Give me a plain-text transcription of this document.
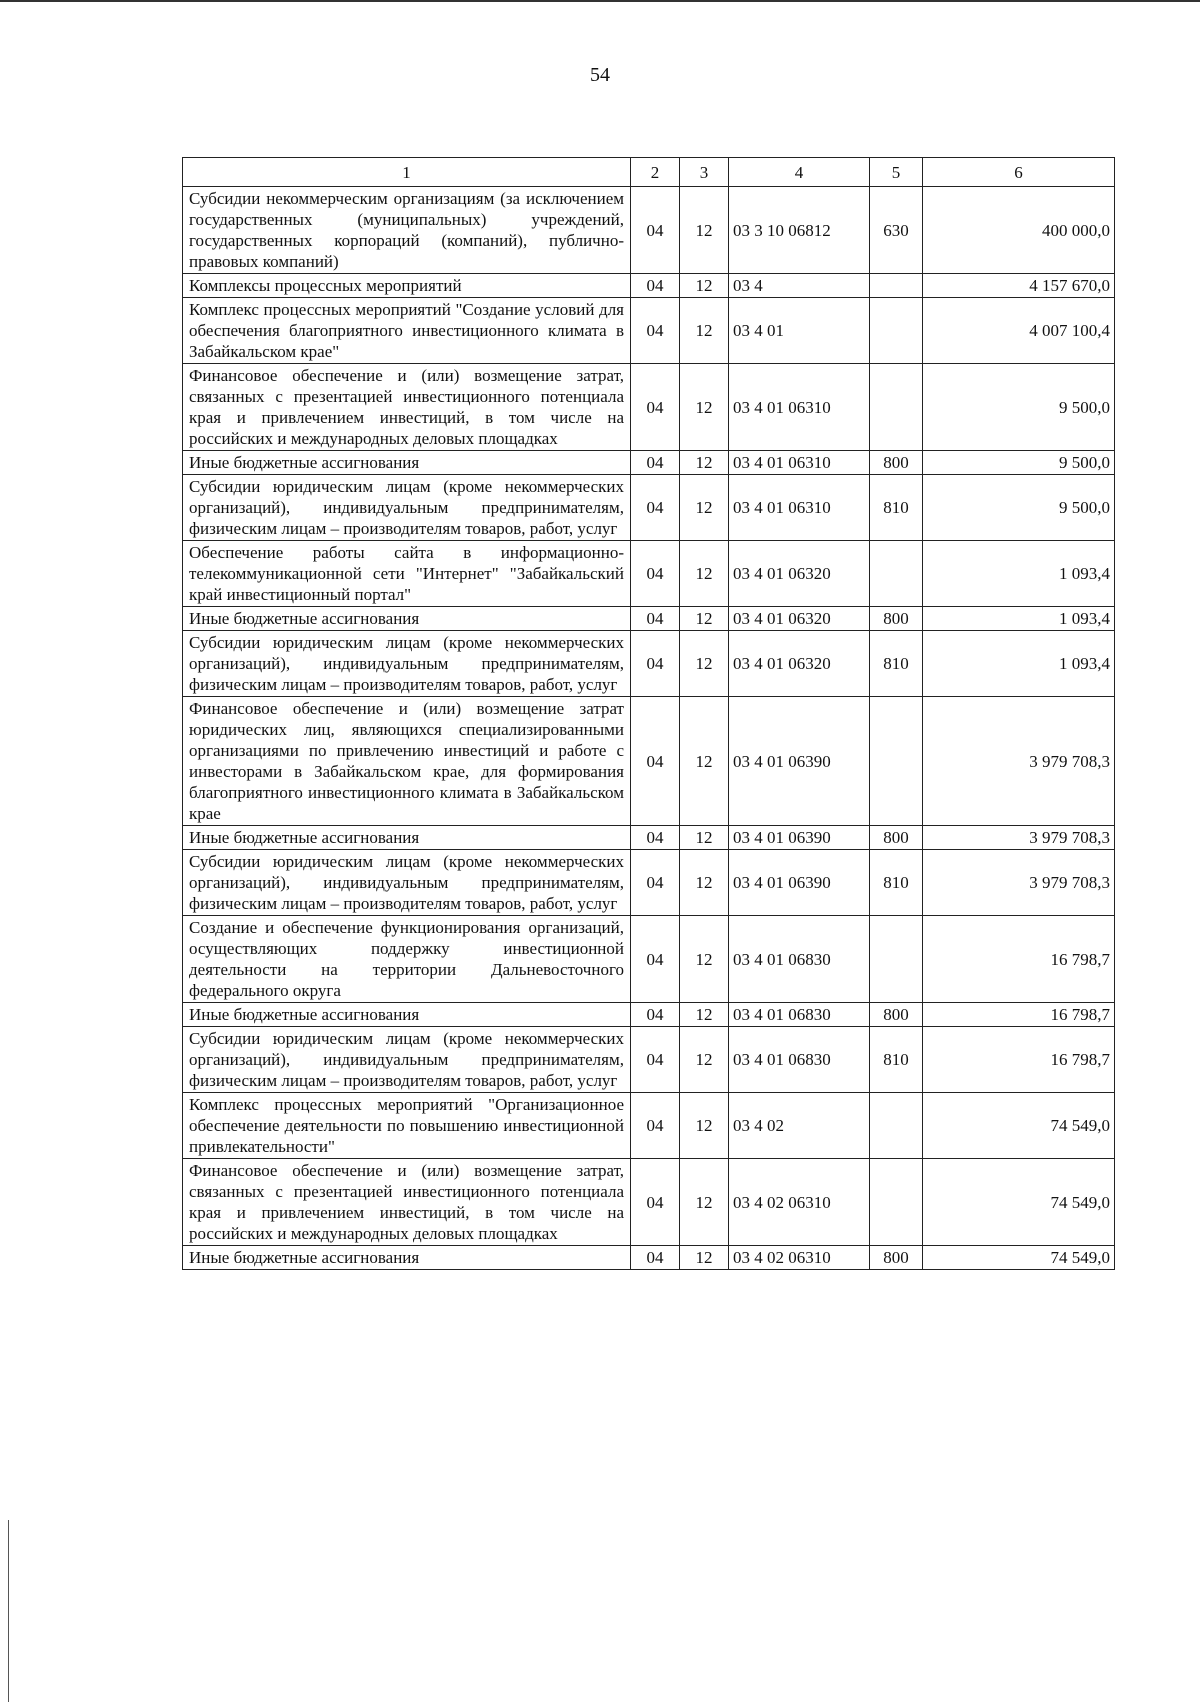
54
1	2	3	4	5	6
Субсидии некоммерческим организациям (за исключением государственных (муниципальных) учреждений, государственных корпораций (компаний), публично-правовых компаний)	04	12	03 3 10 06812	630	400 000,0
Комплексы процессных мероприятий	04	12	03 4		4 157 670,0
Комплекс процессных мероприятий "Создание условий для обеспечения благоприятного инвестиционного климата в Забайкальском крае"	04	12	03 4 01		4 007 100,4
Финансовое обеспечение и (или) возмещение затрат, связанных с презентацией инвестиционного потенциала края и привлечением инвестиций, в том числе на российских и международных деловых площадках	04	12	03 4 01 06310		9 500,0
Иные бюджетные ассигнования	04	12	03 4 01 06310	800	9 500,0
Субсидии юридическим лицам (кроме некоммерческих организаций), индивидуальным предпринимателям, физическим лицам – производителям товаров, работ, услуг	04	12	03 4 01 06310	810	9 500,0
Обеспечение работы сайта в информационно-телекоммуникационной сети "Интернет" "Забайкальский край инвестиционный портал"	04	12	03 4 01 06320		1 093,4
Иные бюджетные ассигнования	04	12	03 4 01 06320	800	1 093,4
Субсидии юридическим лицам (кроме некоммерческих организаций), индивидуальным предпринимателям, физическим лицам – производителям товаров, работ, услуг	04	12	03 4 01 06320	810	1 093,4
Финансовое обеспечение и (или) возмещение затрат юридических лиц, являющихся специализированными организациями по привлечению инвестиций и работе с инвесторами в Забайкальском крае, для формирования благоприятного инвестиционного климата в Забайкальском крае	04	12	03 4 01 06390		3 979 708,3
Иные бюджетные ассигнования	04	12	03 4 01 06390	800	3 979 708,3
Субсидии юридическим лицам (кроме некоммерческих организаций), индивидуальным предпринимателям, физическим лицам – производителям товаров, работ, услуг	04	12	03 4 01 06390	810	3 979 708,3
Создание и обеспечение функционирования организаций, осуществляющих поддержку инвестиционной деятельности на территории Дальневосточного федерального округа	04	12	03 4 01 06830		16 798,7
Иные бюджетные ассигнования	04	12	03 4 01 06830	800	16 798,7
Субсидии юридическим лицам (кроме некоммерческих организаций), индивидуальным предпринимателям, физическим лицам – производителям товаров, работ, услуг	04	12	03 4 01 06830	810	16 798,7
Комплекс процессных мероприятий "Организационное обеспечение деятельности по повышению инвестиционной привлекательности"	04	12	03 4 02		74 549,0
Финансовое обеспечение и (или) возмещение затрат, связанных с презентацией инвестиционного потенциала края и привлечением инвестиций, в том числе на российских и международных деловых площадках	04	12	03 4 02 06310		74 549,0
Иные бюджетные ассигнования	04	12	03 4 02 06310	800	74 549,0
